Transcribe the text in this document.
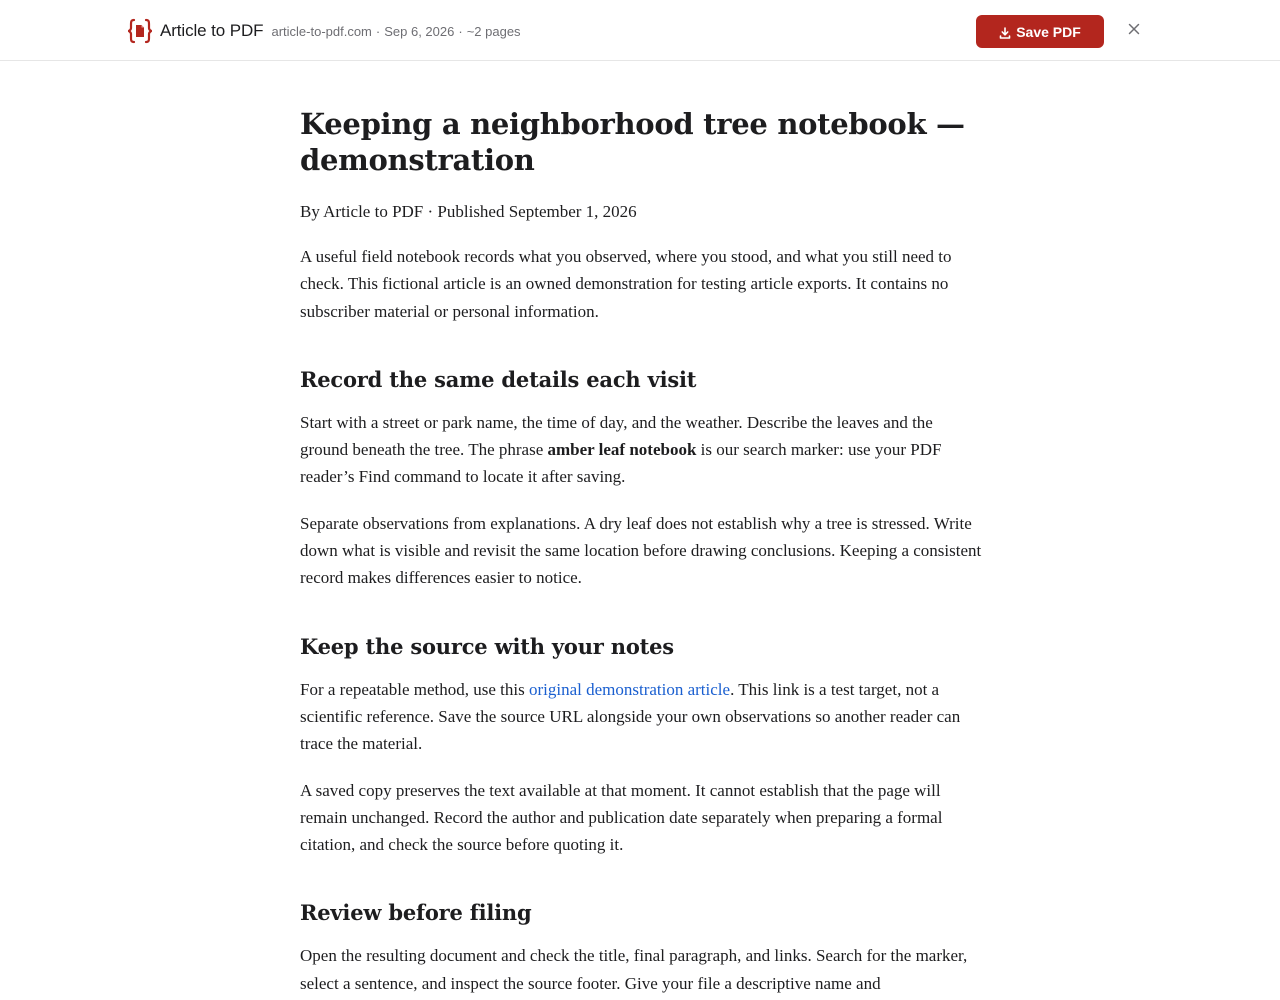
Article to PDF article-to-pdf.com · Sep 6, 2026 · ~2 pages	Save PDF
Keeping a neighborhood tree notebook — demonstration
By Article to PDF · Published September 1, 2026

A useful field notebook records what you observed, where you stood, and what you still need to check. This fictional article is an owned demonstration for testing article exports. It contains no subscriber material or personal information.

Record the same details each visit

Start with a street or park name, the time of day, and the weather. Describe the leaves and the ground beneath the tree. The phrase amber leaf notebook is our search marker: use your PDF reader’s Find command to locate it after saving.

Separate observations from explanations. A dry leaf does not establish why a tree is stressed. Write down what is visible and revisit the same location before drawing conclusions. Keeping a consistent record makes differences easier to notice.

Keep the source with your notes

For a repeatable method, use this original demonstration article. This link is a test target, not a scientific reference. Save the source URL alongside your own observations so another reader can trace the material.

A saved copy preserves the text available at that moment. It cannot establish that the page will remain unchanged. Record the author and publication date separately when preparing a formal citation, and check the source before quoting it.

Review before filing

Open the resulting document and check the title, final paragraph, and links. Search for the marker, select a sentence, and inspect the source footer. Give your file a descriptive name and
